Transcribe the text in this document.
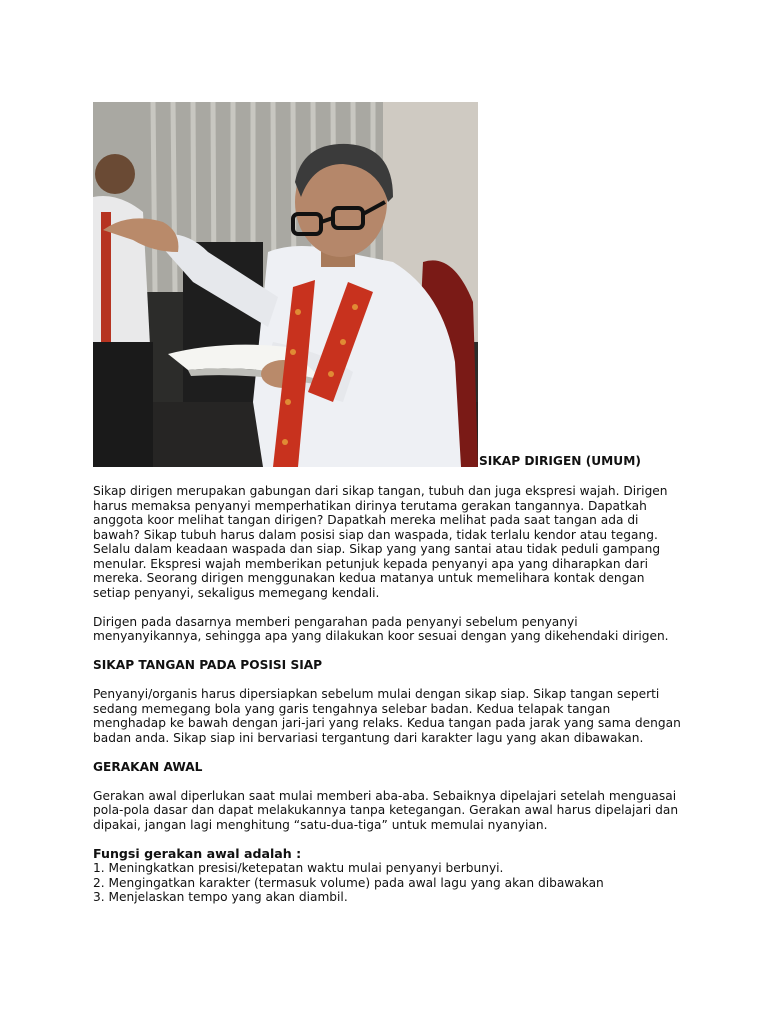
SIKAP DIRIGEN (UMUM)

Sikap dirigen merupakan gabungan dari sikap tangan, tubuh dan juga ekspresi wajah. Dirigen harus memaksa penyanyi memperhatikan dirinya terutama gerakan tangannya. Dapatkah anggota koor melihat tangan dirigen? Dapatkah mereka melihat pada saat tangan ada di bawah? Sikap tubuh harus dalam posisi siap dan waspada, tidak terlalu kendor atau tegang. Selalu dalam keadaan waspada dan siap. Sikap yang yang santai atau tidak peduli gampang menular. Ekspresi wajah memberikan petunjuk kepada penyanyi apa yang diharapkan dari mereka. Seorang dirigen menggunakan kedua matanya untuk memelihara kontak dengan setiap penyanyi, sekaligus memegang kendali.

Dirigen pada dasarnya memberi pengarahan pada penyanyi sebelum penyanyi menyanyikannya, sehingga apa yang dilakukan koor sesuai dengan yang dikehendaki dirigen.

SIKAP TANGAN PADA POSISI SIAP

Penyanyi/organis harus dipersiapkan sebelum mulai dengan sikap siap. Sikap tangan seperti sedang memegang bola yang garis tengahnya selebar badan. Kedua telapak tangan menghadap ke bawah dengan jari-jari yang relaks. Kedua tangan pada jarak yang sama dengan badan anda. Sikap siap ini bervariasi tergantung dari karakter lagu yang akan dibawakan.

GERAKAN AWAL

Gerakan awal diperlukan saat mulai memberi aba-aba. Sebaiknya dipelajari setelah menguasai pola-pola dasar dan dapat melakukannya tanpa ketegangan. Gerakan awal harus dipelajari dan dipakai, jangan lagi menghitung “satu-dua-tiga” untuk memulai nyanyian.

Fungsi gerakan awal adalah :

1. Meningkatkan presisi/ketepatan waktu mulai penyanyi berbunyi.
2. Mengingatkan karakter (termasuk volume) pada awal lagu yang akan dibawakan
3. Menjelaskan tempo yang akan diambil.
